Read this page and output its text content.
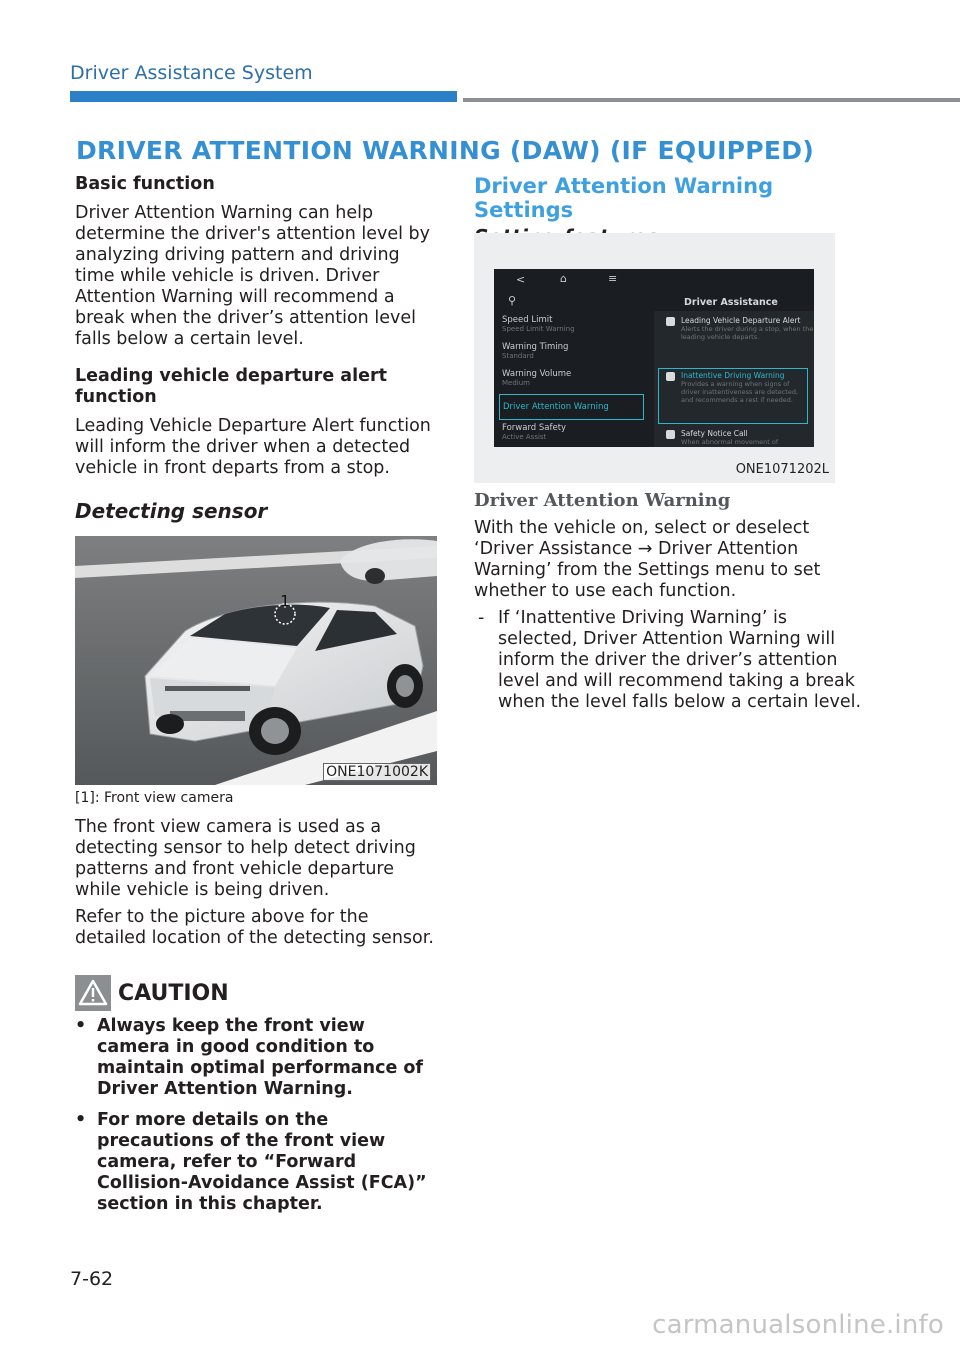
Driver Assistance System
DRIVER ATTENTION WARNING (DAW) (IF EQUIPPED)
Basic function
Driver Attention Warning can help determine the driver's attention level by analyzing driving pattern and driving time while vehicle is driven. Driver Attention Warning will recommend a break when the driver’s attention level falls below a certain level.
Leading vehicle departure alert function
Leading Vehicle Departure Alert function will inform the driver when a detected vehicle in front departs from a stop.
Detecting sensor
1
ONE1071002K
[1]: Front view camera
The front view camera is used as a detecting sensor to help detect driving patterns and front vehicle departure while vehicle is being driven.
Refer to the picture above for the detailed location of the detecting sensor.
CAUTION
• Always keep the front view camera in good condition to maintain optimal performance of Driver Attention Warning.
• For more details on the precautions of the front view camera, refer to “Forward Collision-Avoidance Assist (FCA)” section in this chapter.
Driver Attention Warning Settings
<	⌂	≡
⚲	Driver Assistance
Speed Limit
Speed Limit Warning
Warning Timing
Standard
Warning Volume
Medium
Driver Attention Warning
Forward Safety
Active Assist
Leading Vehicle Departure Alert
Alerts the driver during a stop, when the leading vehicle departs.
Inattentive Driving Warning
Provides a warning when signs of driver inattentiveness are detected, and recommends a rest if needed.
Safety Notice Call
When abnormal movement of
ONE1071202L
Driver Attention Warning
With the vehicle on, select or deselect ‘Driver Assistance → Driver Attention Warning’ from the Settings menu to set whether to use each function.
- If ‘Inattentive Driving Warning’ is selected, Driver Attention Warning will inform the driver the driver’s attention level and will recommend taking a break when the level falls below a certain level.
7-62
carmanualsonline.info
